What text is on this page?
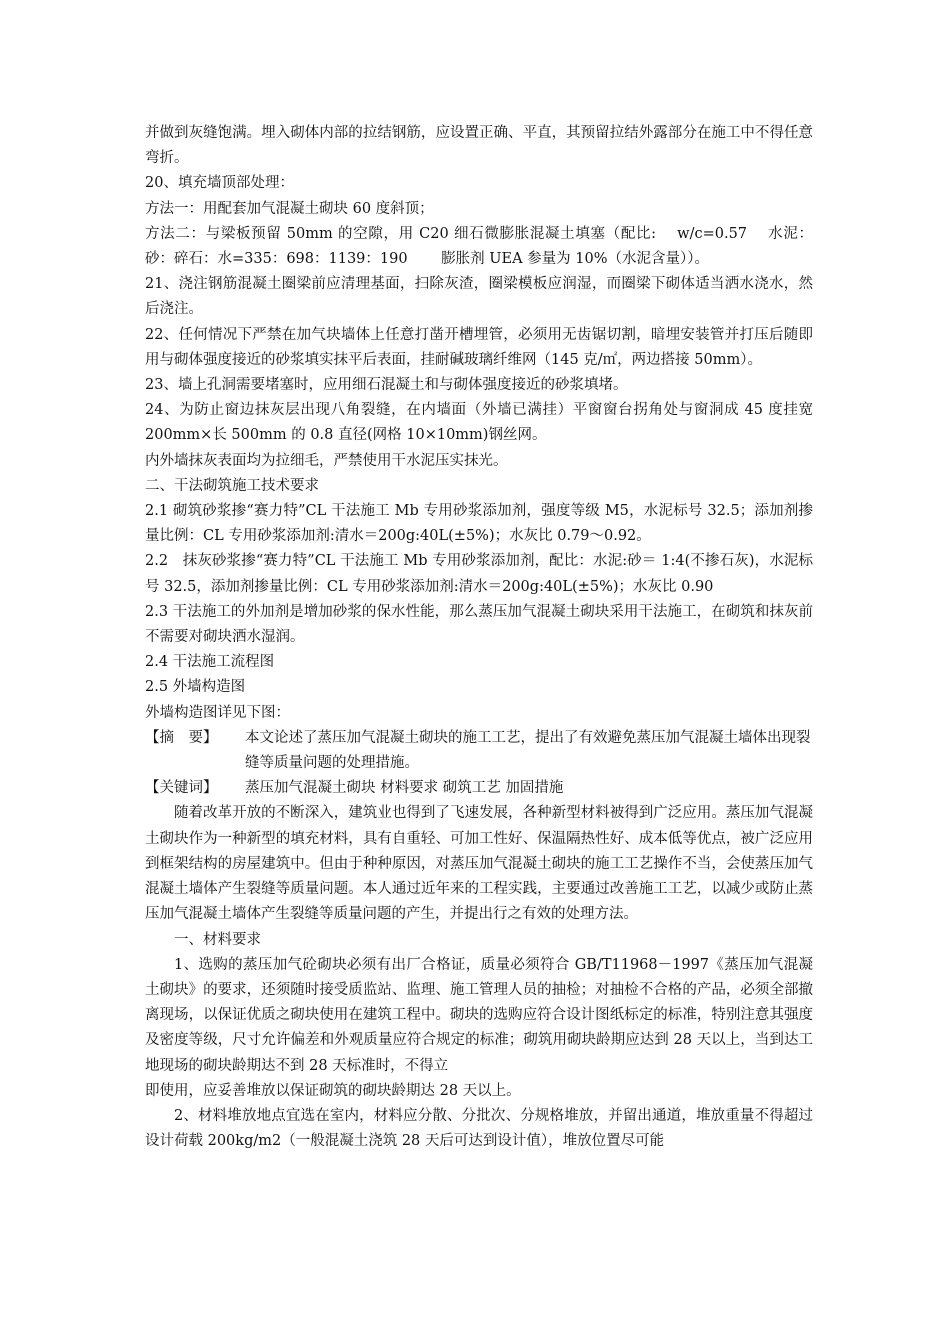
并做到灰缝饱满。埋入砌体内部的拉结钢筋，应设置正确、平直，其预留拉结外露部分在施工中不得任意弯折。

20、填充墙顶部处理：

方法一：用配套加气混凝土砌块 60 度斜顶；

方法二：与梁板预留 50mm 的空隙，用 C20 细石微膨胀混凝土填塞（配比:　 w/c=0.57　 水泥：砂：碎石：水=335：698：1139：190　　 膨胀剂 UEA 参量为 10%（水泥含量））。

21、浇注钢筋混凝土圈梁前应清理基面，扫除灰渣，圈梁模板应润湿，而圈梁下砌体适当洒水浇水，然后浇注。

22、任何情况下严禁在加气块墙体上任意打凿开槽埋管，必须用无齿锯切割，暗埋安装管并打压后随即用与砌体强度接近的砂浆填实抹平后表面，挂耐碱玻璃纤维网（145 克/㎡，两边搭接 50mm）。

23、墙上孔洞需要堵塞时，应用细石混凝土和与砌体强度接近的砂浆填堵。

24、为防止窗边抹灰层出现八角裂缝，在内墙面（外墙已满挂）平窗窗台拐角处与窗洞成 45 度挂宽 200mm×长 500mm 的 0.8 直径(网格 10×10mm)钢丝网。

内外墙抹灰表面均为拉细毛，严禁使用干水泥压实抹光。

二、干法砌筑施工技术要求

2.1 砌筑砂浆掺“赛力特”CL 干法施工 Mb 专用砂浆添加剂，强度等级 M5，水泥标号 32.5；添加剂掺量比例：CL 专用砂浆添加剂:清水＝200g:40L(±5%)；水灰比 0.79～0.92。

2.2　抹灰砂浆掺“赛力特”CL 干法施工 Mb 专用砂浆添加剂，配比：水泥:砂＝ 1:4(不掺石灰)，水泥标号 32.5，添加剂掺量比例：CL 专用砂浆添加剂:清水＝200g:40L(±5%)；水灰比 0.90

2.3 干法施工的外加剂是增加砂浆的保水性能，那么蒸压加气混凝土砌块采用干法施工，在砌筑和抹灰前不需要对砌块洒水湿润。

2.4 干法施工流程图

2.5 外墙构造图

外墙构造图详见下图：

【摘　要】	本文论述了蒸压加气混凝土砌块的施工工艺，提出了有效避免蒸压加气混凝土墙体出现裂缝等质量问题的处理措施。
【关键词】	蒸压加气混凝土砌块 材料要求 砌筑工艺 加固措施

随着改革开放的不断深入，建筑业也得到了飞速发展，各种新型材料被得到广泛应用。蒸压加气混凝土砌块作为一种新型的填充材料，具有自重轻、可加工性好、保温隔热性好、成本低等优点，被广泛应用到框架结构的房屋建筑中。但由于种种原因，对蒸压加气混凝土砌块的施工工艺操作不当，会使蒸压加气混凝土墙体产生裂缝等质量问题。本人通过近年来的工程实践，主要通过改善施工工艺，以减少或防止蒸压加气混凝土墙体产生裂缝等质量问题的产生，并提出行之有效的处理方法。

一、材料要求

1、选购的蒸压加气砼砌块必须有出厂合格证，质量必须符合 GB/T11968－1997《蒸压加气混凝土砌块》的要求，还须随时接受质监站、监理、施工管理人员的抽检；对抽检不合格的产品，必须全部撤离现场，以保证优质之砌块使用在建筑工程中。砌块的选购应符合设计图纸标定的标准，特别注意其强度及密度等级，尺寸允许偏差和外观质量应符合规定的标准；砌筑用砌块龄期应达到 28 天以上，当到达工地现场的砌块龄期达不到 28 天标准时，不得立

即使用，应妥善堆放以保证砌筑的砌块龄期达 28 天以上。

2、材料堆放地点宜选在室内，材料应分散、分批次、分规格堆放，并留出通道，堆放重量不得超过设计荷载 200kg/m2（一般混凝土浇筑 28 天后可达到设计值），堆放位置尽可能
